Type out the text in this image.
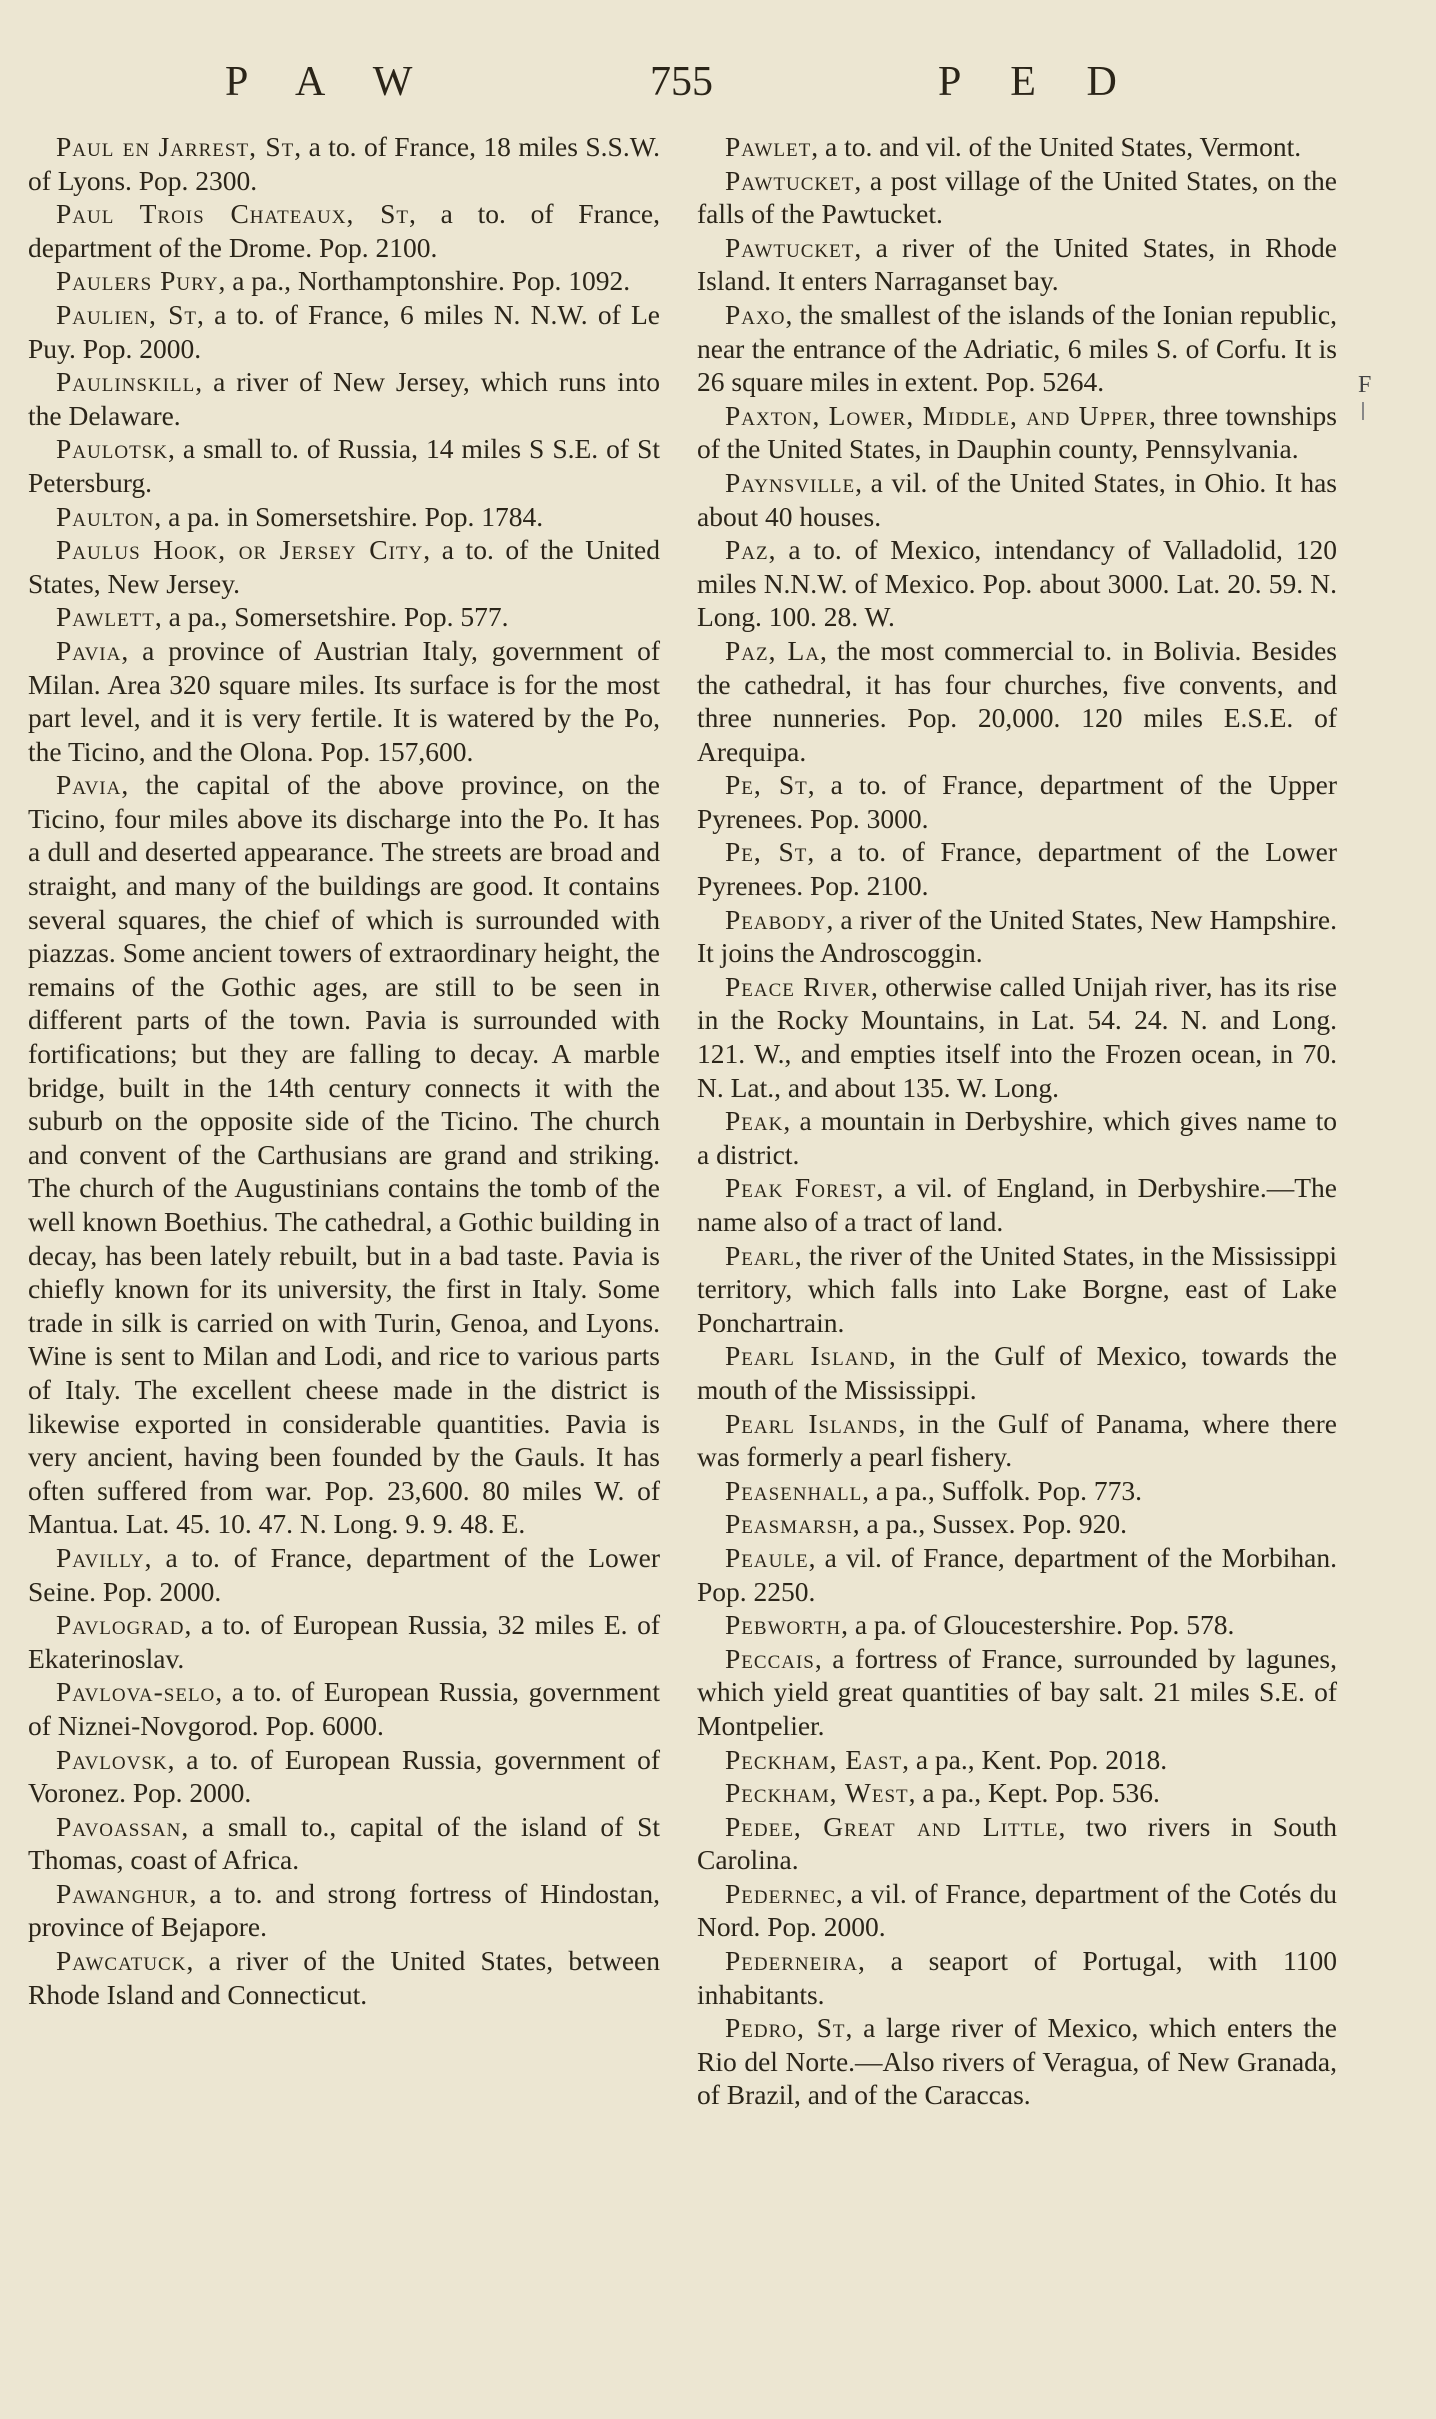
P A W	755	P E D
Paul en Jarrest, St, a to. of France, 18 miles S.S.W. of Lyons. Pop. 2300.
Paul Trois Chateaux, St, a to. of France, department of the Drome. Pop. 2100.
Paulers Pury, a pa., Northamptonshire. Pop. 1092.
Paulien, St, a to. of France, 6 miles N. N.W. of Le Puy. Pop. 2000.
Paulinskill, a river of New Jersey, which runs into the Delaware.
Paulotsk, a small to. of Russia, 14 miles S S.E. of St Petersburg.
Paulton, a pa. in Somersetshire. Pop. 1784.
Paulus Hook, or Jersey City, a to. of the United States, New Jersey.
Pawlett, a pa., Somersetshire. Pop. 577.
Pavia, a province of Austrian Italy, government of Milan. Area 320 square miles. Its surface is for the most part level, and it is very fertile. It is watered by the Po, the Ticino, and the Olona. Pop. 157,600.
Pavia, the capital of the above province, on the Ticino, four miles above its discharge into the Po. It has a dull and deserted appearance. The streets are broad and straight, and many of the buildings are good. It contains several squares, the chief of which is surrounded with piazzas. Some ancient towers of extraordinary height, the remains of the Gothic ages, are still to be seen in different parts of the town. Pavia is surrounded with fortifications; but they are falling to decay. A marble bridge, built in the 14th century connects it with the suburb on the opposite side of the Ticino. The church and convent of the Carthusians are grand and striking. The church of the Augustinians contains the tomb of the well known Boethius. The cathedral, a Gothic building in decay, has been lately rebuilt, but in a bad taste. Pavia is chiefly known for its university, the first in Italy. Some trade in silk is carried on with Turin, Genoa, and Lyons. Wine is sent to Milan and Lodi, and rice to various parts of Italy. The excellent cheese made in the district is likewise exported in considerable quantities. Pavia is very ancient, having been founded by the Gauls. It has often suffered from war. Pop. 23,600. 80 miles W. of Mantua. Lat. 45. 10. 47. N. Long. 9. 9. 48. E.
Pavilly, a to. of France, department of the Lower Seine. Pop. 2000.
Pavlograd, a to. of European Russia, 32 miles E. of Ekaterinoslav.
Pavlova-selo, a to. of European Russia, government of Niznei-Novgorod. Pop. 6000.
Pavlovsk, a to. of European Russia, government of Voronez. Pop. 2000.
Pavoassan, a small to., capital of the island of St Thomas, coast of Africa.
Pawanghur, a to. and strong fortress of Hindostan, province of Bejapore.
Pawcatuck, a river of the United States, between Rhode Island and Connecticut.
Pawlet, a to. and vil. of the United States, Vermont.
Pawtucket, a post village of the United States, on the falls of the Pawtucket.
Pawtucket, a river of the United States, in Rhode Island. It enters Narraganset bay.
Paxo, the smallest of the islands of the Ionian republic, near the entrance of the Adriatic, 6 miles S. of Corfu. It is 26 square miles in extent. Pop. 5264.
Paxton, Lower, Middle, and Upper, three townships of the United States, in Dauphin county, Pennsylvania.
Paynsville, a vil. of the United States, in Ohio. It has about 40 houses.
Paz, a to. of Mexico, intendancy of Valladolid, 120 miles N.N.W. of Mexico. Pop. about 3000. Lat. 20. 59. N. Long. 100. 28. W.
Paz, La, the most commercial to. in Bolivia. Besides the cathedral, it has four churches, five convents, and three nunneries. Pop. 20,000. 120 miles E.S.E. of Arequipa.
Pe, St, a to. of France, department of the Upper Pyrenees. Pop. 3000.
Pe, St, a to. of France, department of the Lower Pyrenees. Pop. 2100.
Peabody, a river of the United States, New Hampshire. It joins the Androscoggin.
Peace River, otherwise called Unijah river, has its rise in the Rocky Mountains, in Lat. 54. 24. N. and Long. 121. W., and empties itself into the Frozen ocean, in 70. N. Lat., and about 135. W. Long.
Peak, a mountain in Derbyshire, which gives name to a district.
Peak Forest, a vil. of England, in Derbyshire.—The name also of a tract of land.
Pearl, the river of the United States, in the Mississippi territory, which falls into Lake Borgne, east of Lake Ponchartrain.
Pearl Island, in the Gulf of Mexico, towards the mouth of the Mississippi.
Pearl Islands, in the Gulf of Panama, where there was formerly a pearl fishery.
Peasenhall, a pa., Suffolk. Pop. 773.
Peasmarsh, a pa., Sussex. Pop. 920.
Peaule, a vil. of France, department of the Morbihan. Pop. 2250.
Pebworth, a pa. of Gloucestershire. Pop. 578.
Peccais, a fortress of France, surrounded by lagunes, which yield great quantities of bay salt. 21 miles S.E. of Montpelier.
Peckham, East, a pa., Kent. Pop. 2018.
Peckham, West, a pa., Kept. Pop. 536.
Pedee, Great and Little, two rivers in South Carolina.
Pedernec, a vil. of France, department of the Cotés du Nord. Pop. 2000.
Pederneira, a seaport of Portugal, with 1100 inhabitants.
Pedro, St, a large river of Mexico, which enters the Rio del Norte.—Also rivers of Veragua, of New Granada, of Brazil, and of the Caraccas.
F
